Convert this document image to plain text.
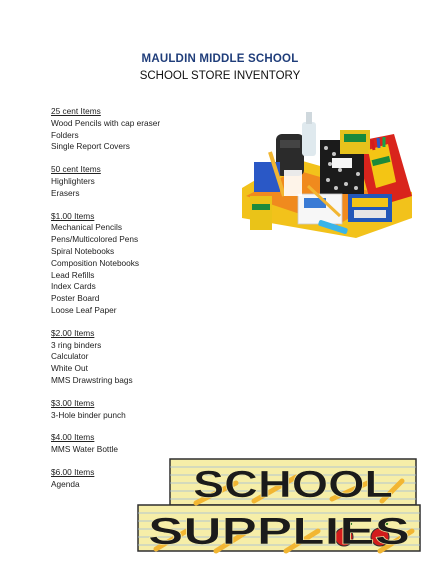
MAULDIN MIDDLE SCHOOL
SCHOOL STORE INVENTORY
25 cent Items
Wood Pencils with cap eraser
Folders
Single Report Covers
50 cent Items
Highlighters
Erasers
$1.00 Items
Mechanical Pencils
Pens/Multicolored Pens
Spiral Notebooks
Composition Notebooks
Lead Refills
Index Cards
Poster Board
Loose Leaf Paper
$2.00 Items
3 ring binders
Calculator
White Out
MMS Drawstring bags
$3.00 Items
3-Hole binder punch
$4.00 Items
MMS Water Bottle
$6.00 Items
Agenda	SCHOOL
SUPPLIES
